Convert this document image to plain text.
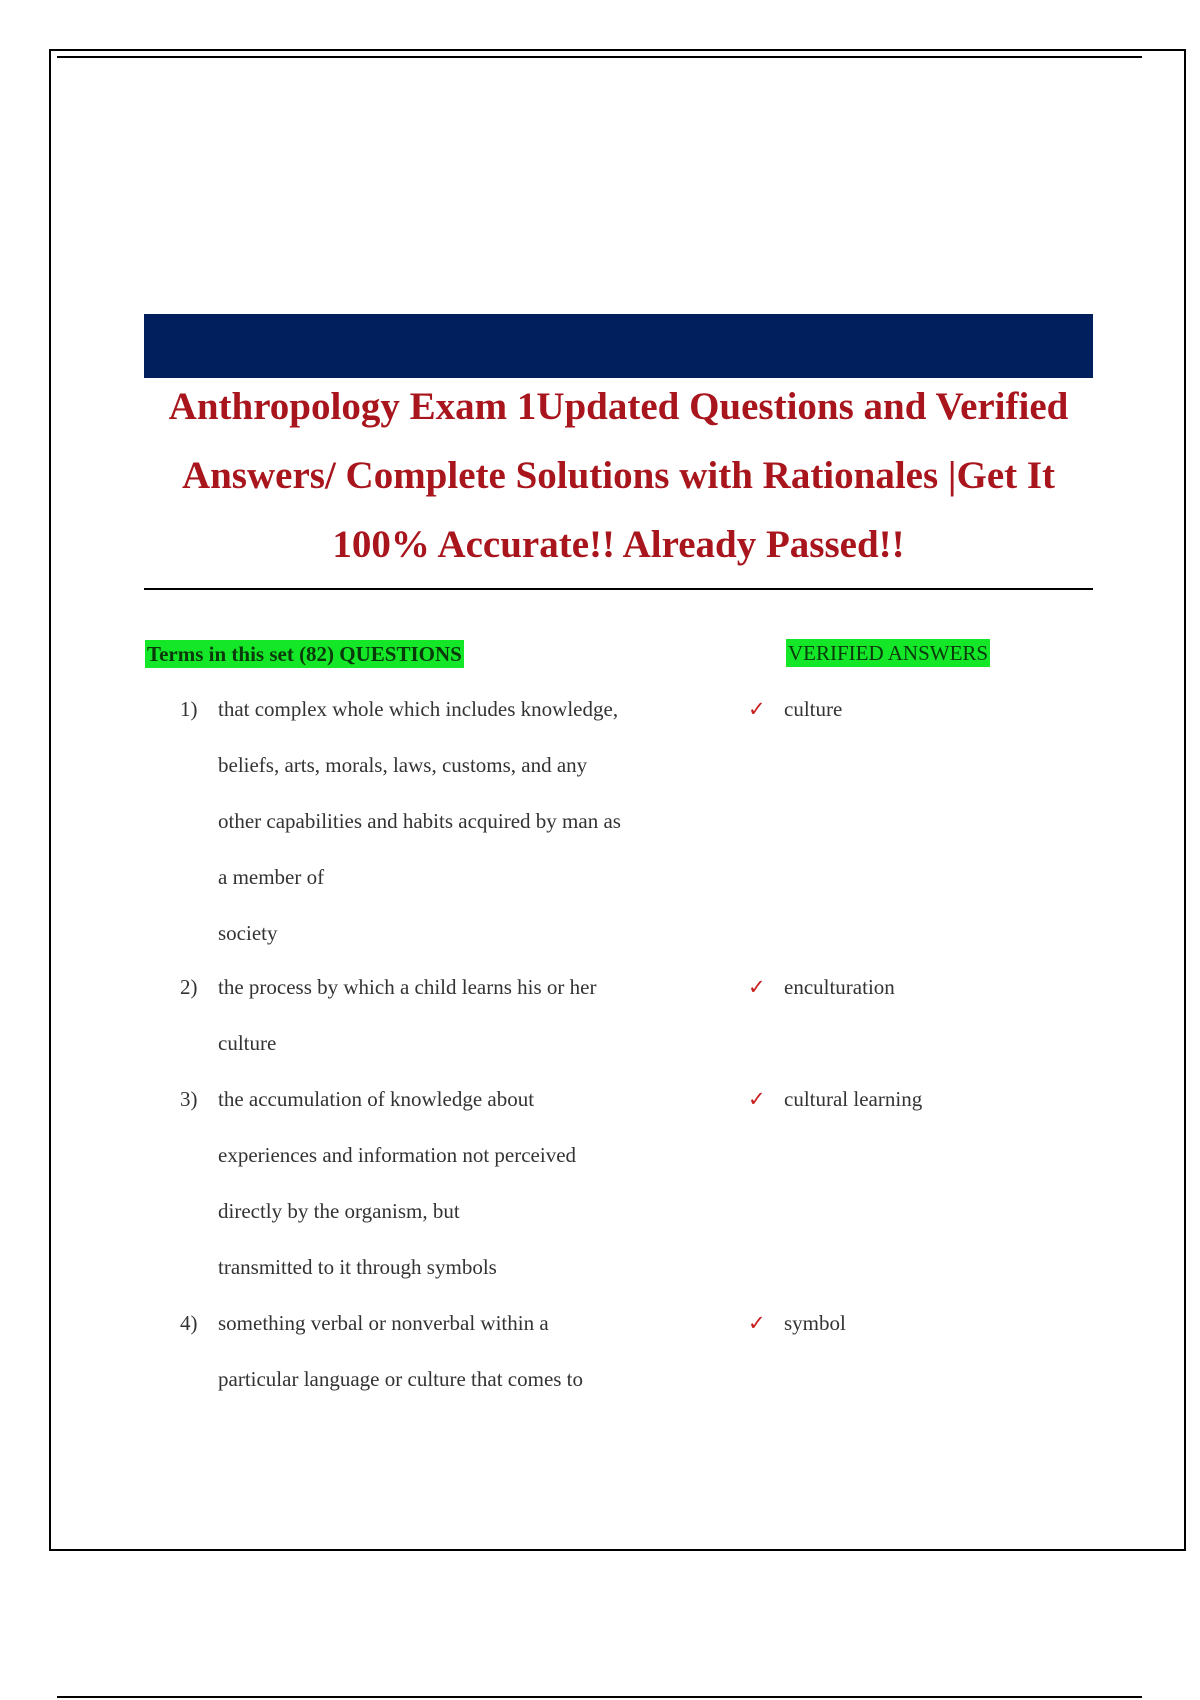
Anthropology Exam 1Updated Questions and Verified
Answers/ Complete Solutions with Rationales |Get It
100% Accurate!! Already Passed!!
Terms in this set (82) QUESTIONS	VERIFIED ANSWERS
1) that complex whole which includes knowledge,
beliefs, arts, morals, laws, customs, and any
other capabilities and habits acquired by man as
a member of
society
✓ culture
2) the process by which a child learns his or her
culture
✓ enculturation
3) the accumulation of knowledge about
experiences and information not perceived
directly by the organism, but
transmitted to it through symbols
✓ cultural learning
4) something verbal or nonverbal within a
particular language or culture that comes to
✓ symbol
